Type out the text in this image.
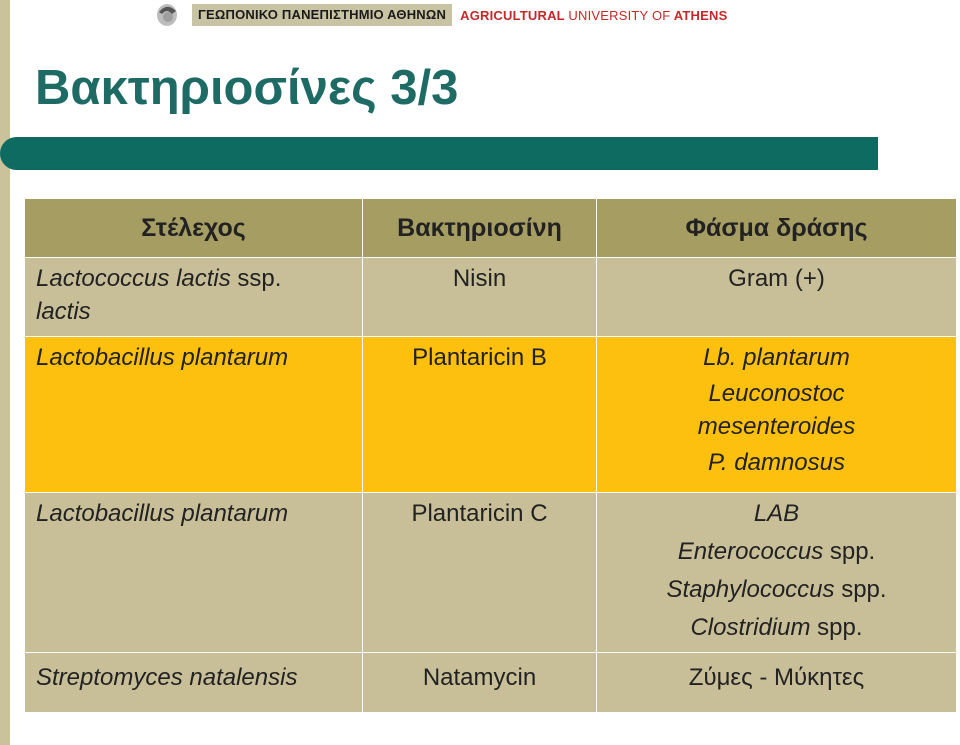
ΓΕΩΠΟΝΙΚΟ ΠΑΝΕΠΙΣΤΗΜΙΟ ΑΘΗΝΩΝ	AGRICULTURAL UNIVERSITY OF ATHENS
Βακτηριοσίνες 3/3
Στέλεχος	Βακτηριοσίνη	Φάσμα δράσης

Lactococcus lactis ssp.
lactis	Nisin	Gram (+)

Lactobacillus plantarum	Plantaricin B	Lb. plantarum
Leuconostoc
mesenteroides
P. damnosus

Lactobacillus plantarum	Plantaricin C	LAB
Enterococcus spp.
Staphylococcus spp.
Clostridium spp.

Streptomyces natalensis	Natamycin	Ζύμες - Μύκητες
